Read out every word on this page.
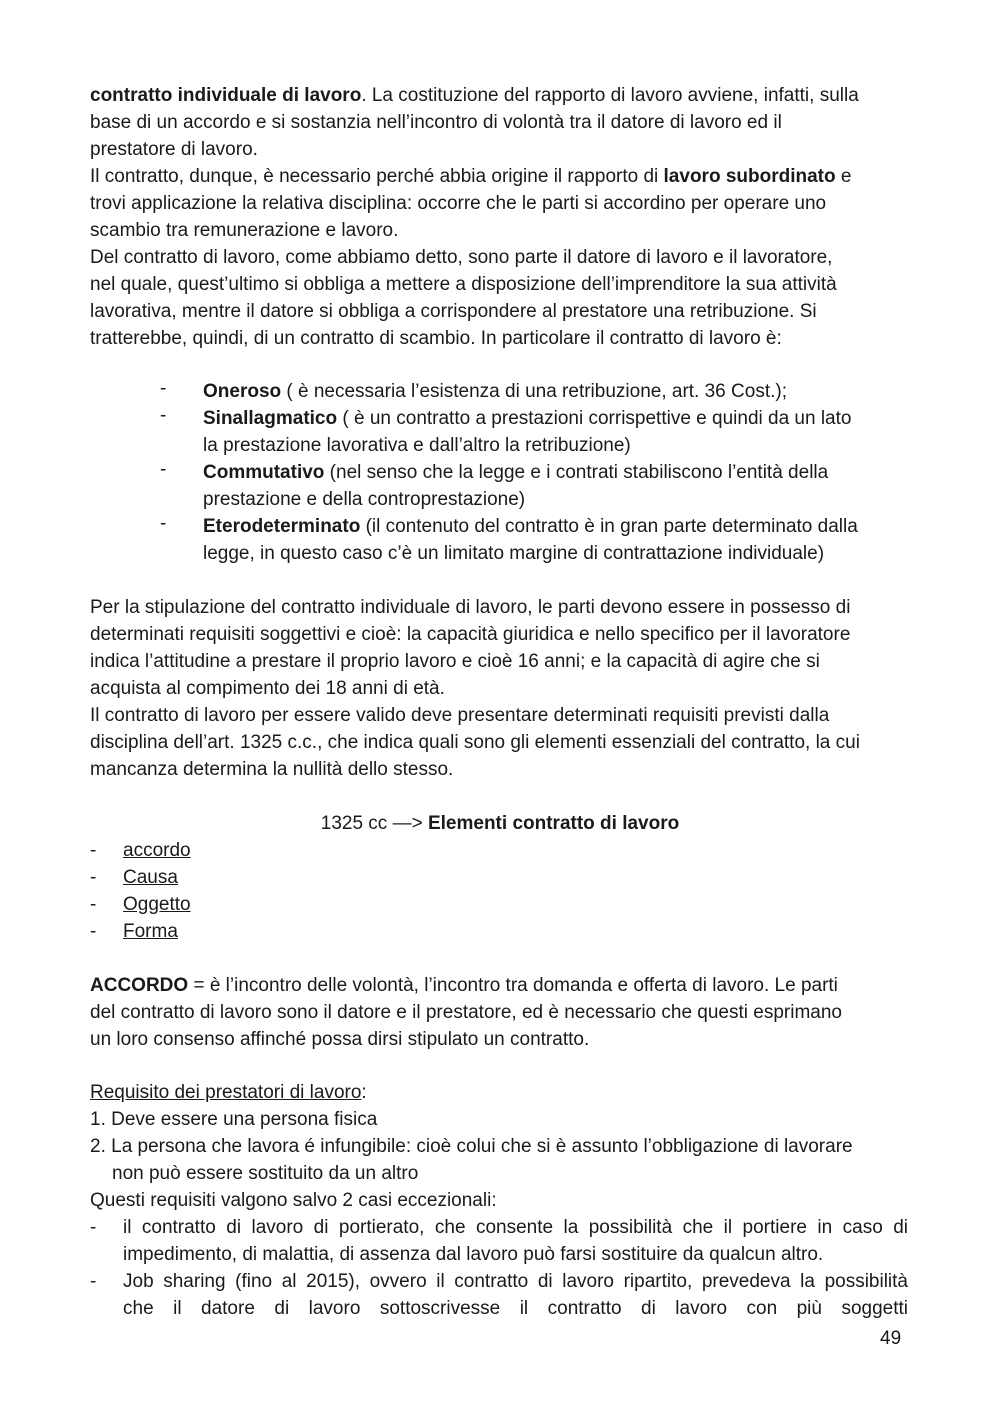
contratto individuale di lavoro. La costituzione del rapporto di lavoro avviene, infatti, sulla
base di un accordo e si sostanzia nell’incontro di volontà tra il datore di lavoro ed il
prestatore di lavoro.
Il contratto, dunque, è necessario perché abbia origine il rapporto di lavoro subordinato e
trovi applicazione la relativa disciplina: occorre che le parti si accordino per operare uno
scambio tra remunerazione e lavoro.
Del contratto di lavoro, come abbiamo detto, sono parte il datore di lavoro e il lavoratore,
nel quale, quest’ultimo si obbliga a mettere a disposizione dell’imprenditore la sua attività
lavorativa, mentre il datore si obbliga a corrispondere al prestatore una retribuzione. Si
tratterebbe, quindi, di un contratto di scambio. In particolare il contratto di lavoro è:
- Oneroso ( è necessaria l’esistenza di una retribuzione, art. 36 Cost.);
- Sinallagmatico ( è un contratto a prestazioni corrispettive e quindi da un lato
la prestazione lavorativa e dall’altro la retribuzione)
- Commutativo (nel senso che la legge e i contrati stabiliscono l’entità della
prestazione e della controprestazione)
- Eterodeterminato (il contenuto del contratto è in gran parte determinato dalla
legge, in questo caso c’è un limitato margine di contrattazione individuale)
Per la stipulazione del contratto individuale di lavoro, le parti devono essere in possesso di
determinati requisiti soggettivi e cioè: la capacità giuridica e nello specifico per il lavoratore
indica l’attitudine a prestare il proprio lavoro e cioè 16 anni; e la capacità di agire che si
acquista al compimento dei 18 anni di età.
Il contratto di lavoro per essere valido deve presentare determinati requisiti previsti dalla
disciplina dell’art. 1325 c.c., che indica quali sono gli elementi essenziali del contratto, la cui
mancanza determina la nullità dello stesso.
1325 cc —> Elementi contratto di lavoro
- accordo
- Causa
- Oggetto
- Forma
ACCORDO = è l’incontro delle volontà, l’incontro tra domanda e offerta di lavoro. Le parti
del contratto di lavoro sono il datore e il prestatore, ed è necessario che questi esprimano
un loro consenso affinché possa dirsi stipulato un contratto.
Requisito dei prestatori di lavoro:
1. Deve essere una persona fisica
2. La persona che lavora é infungibile: cioè colui che si è assunto l’obbligazione di lavorare
non può essere sostituito da un altro
Questi requisiti valgono salvo 2 casi eccezionali:
- il contratto di lavoro di portierato, che consente la possibilità che il portiere in caso di
impedimento, di malattia, di assenza dal lavoro può farsi sostituire da qualcun altro.
- Job sharing (fino al 2015), ovvero il contratto di lavoro ripartito, prevedeva la possibilità
che il datore di lavoro sottoscrivesse il contratto di lavoro con più soggetti
49
